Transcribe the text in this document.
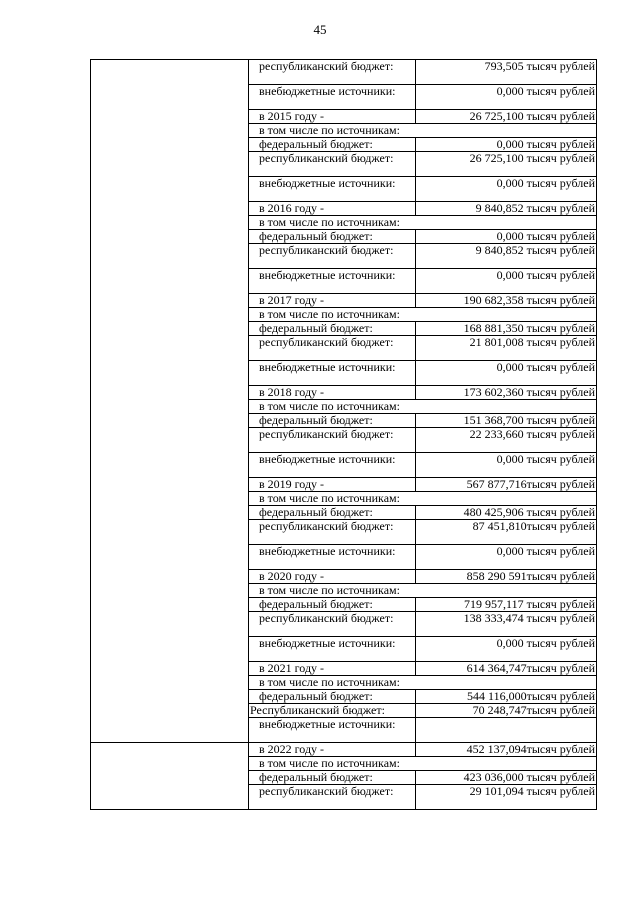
45
	республиканский бюджет:	793,505 тысяч рублей
	внебюджетные источники:	0,000 тысяч рублей
	в 2015 году -	26 725,100 тысяч рублей
	в том числе по источникам:	
	федеральный бюджет:	0,000 тысяч рублей
	республиканский бюджет:	26 725,100 тысяч рублей
	внебюджетные источники:	0,000 тысяч рублей
	в 2016 году -	9 840,852 тысяч рублей
	в том числе по источникам:	
	федеральный бюджет:	0,000 тысяч рублей
	республиканский бюджет:	9 840,852 тысяч рублей
	внебюджетные источники:	0,000 тысяч рублей
	в 2017 году -	190 682,358 тысяч рублей
	в том числе по источникам:	
	федеральный бюджет:	168 881,350 тысяч рублей
	республиканский бюджет:	21 801,008 тысяч рублей
	внебюджетные источники:	0,000 тысяч рублей
	в 2018 году -	173 602,360 тысяч рублей
	в том числе по источникам:	
	федеральный бюджет:	151 368,700 тысяч рублей
	республиканский бюджет:	22 233,660 тысяч рублей
	внебюджетные источники:	0,000 тысяч рублей
	в 2019 году -	567 877,716тысяч рублей
	в том числе по источникам:	
	федеральный бюджет:	480 425,906 тысяч рублей
	республиканский бюджет:	87 451,810тысяч рублей
	внебюджетные источники:	0,000 тысяч рублей
	в 2020 году -	858 290 591тысяч рублей
	в том числе по источникам:	
	федеральный бюджет:	719 957,117 тысяч рублей
	республиканский бюджет:	138 333,474 тысяч рублей
	внебюджетные источники:	0,000 тысяч рублей
	в 2021 году -	614 364,747тысяч рублей
	в том числе по источникам:	
	федеральный бюджет:	544 116,000тысяч рублей
	Республиканский бюджет:	70 248,747тысяч рублей
	внебюджетные источники:	
	в 2022 году -	452 137,094тысяч рублей
	в том числе по источникам:	
	федеральный бюджет:	423 036,000 тысяч рублей
	республиканский бюджет:	29 101,094 тысяч рублей
